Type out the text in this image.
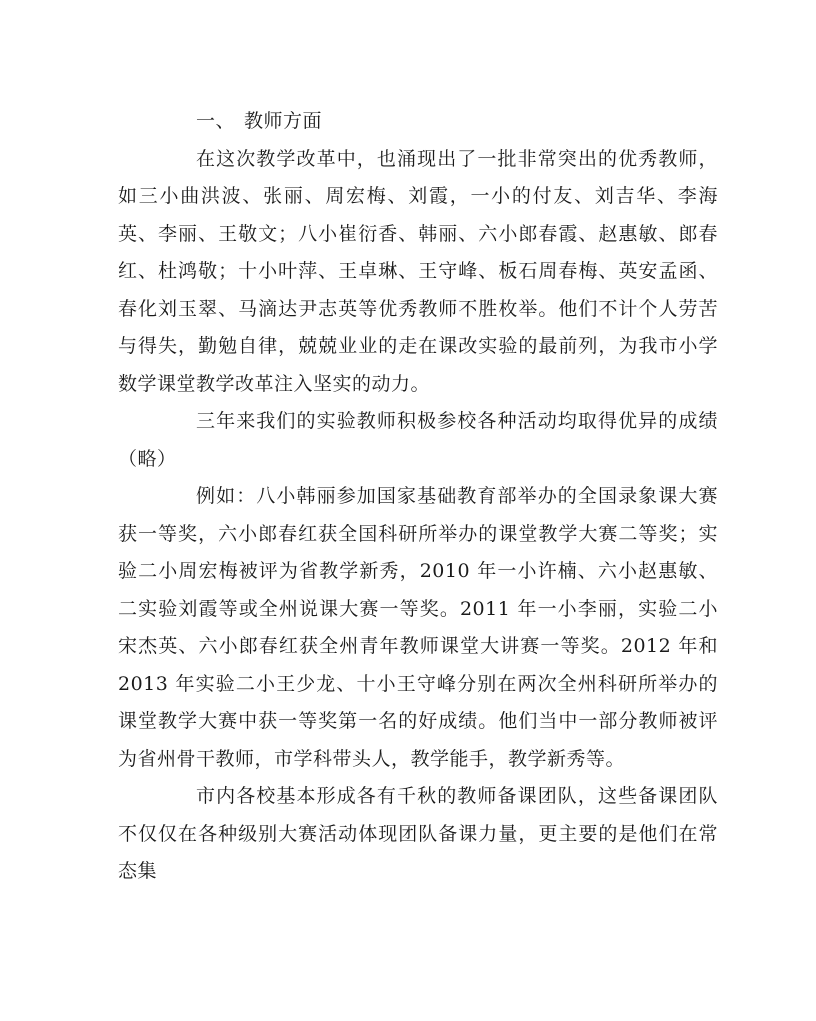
一、 教师方面

在这次教学改革中，也涌现出了一批非常突出的优秀教师，如三小曲洪波、张丽、周宏梅、刘霞，一小的付友、刘吉华、李海英、李丽、王敬文；八小崔衍香、韩丽、六小郎春霞、赵惠敏、郎春红、杜鸿敬；十小叶萍、王卓琳、王守峰、板石周春梅、英安孟函、春化刘玉翠、马滴达尹志英等优秀教师不胜枚举。他们不计个人劳苦与得失，勤勉自律，兢兢业业的走在课改实验的最前列，为我市小学数学课堂教学改革注入坚实的动力。

三年来我们的实验教师积极参校各种活动均取得优异的成绩（略）

例如：八小韩丽参加国家基础教育部举办的全国录象课大赛获一等奖，六小郎春红获全国科研所举办的课堂教学大赛二等奖；实验二小周宏梅被评为省教学新秀，2010 年一小许楠、六小赵惠敏、二实验刘霞等或全州说课大赛一等奖。2011 年一小李丽，实验二小宋杰英、六小郎春红获全州青年教师课堂大讲赛一等奖。2012 年和 2013 年实验二小王少龙、十小王守峰分别在两次全州科研所举办的课堂教学大赛中获一等奖第一名的好成绩。他们当中一部分教师被评为省州骨干教师，市学科带头人，教学能手，教学新秀等。

市内各校基本形成各有千秋的教师备课团队，这些备课团队不仅仅在各种级别大赛活动体现团队备课力量，更主要的是他们在常态集
